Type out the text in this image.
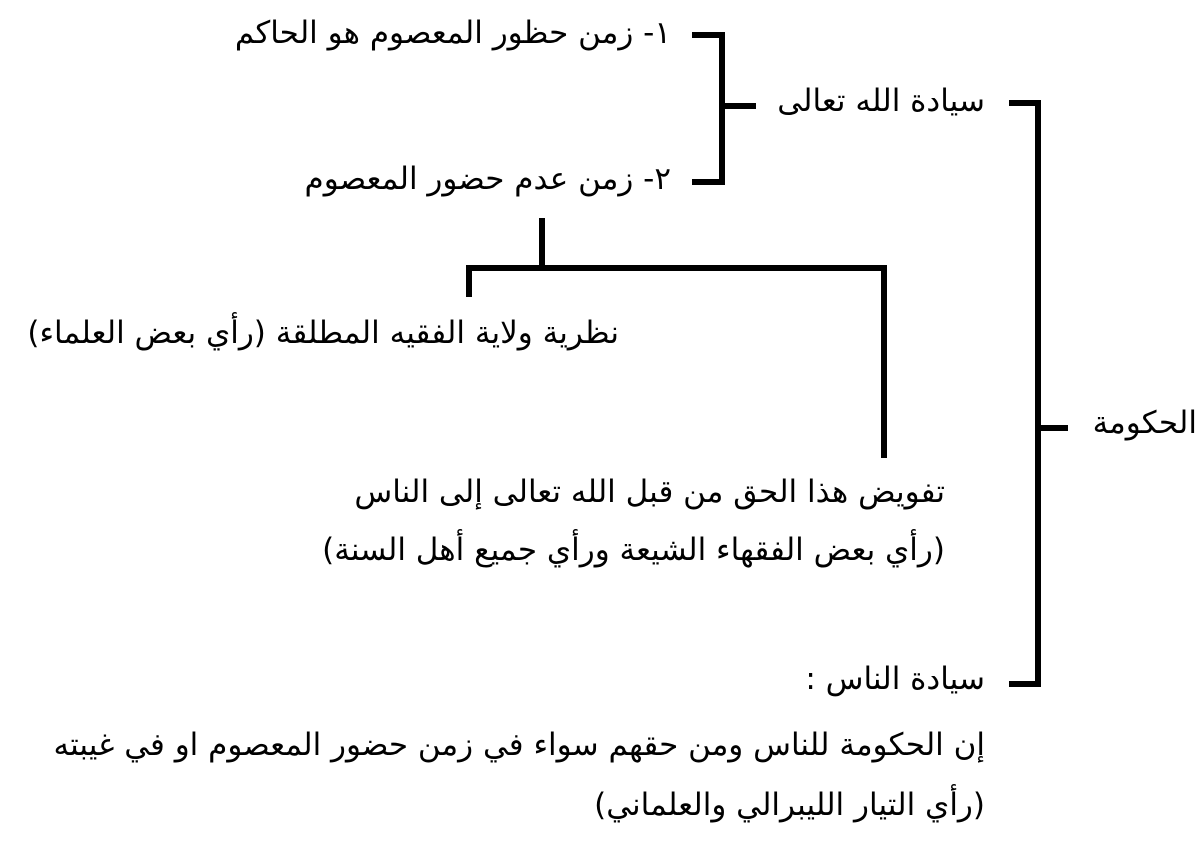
الحكومة
سيادة الله تعالى
١- زمن حظور المعصوم هو الحاكم
٢- زمن عدم حضور المعصوم
نظرية ولاية الفقيه المطلقة (رأي بعض العلماء)
تفويض هذا الحق من قبل الله تعالى إلى الناس
(رأي بعض الفقهاء الشيعة ورأي جميع أهل السنة)
سيادة الناس :
إن الحكومة للناس ومن حقهم سواء في زمن حضور المعصوم او في غيبته
(رأي التيار الليبرالي والعلماني)
